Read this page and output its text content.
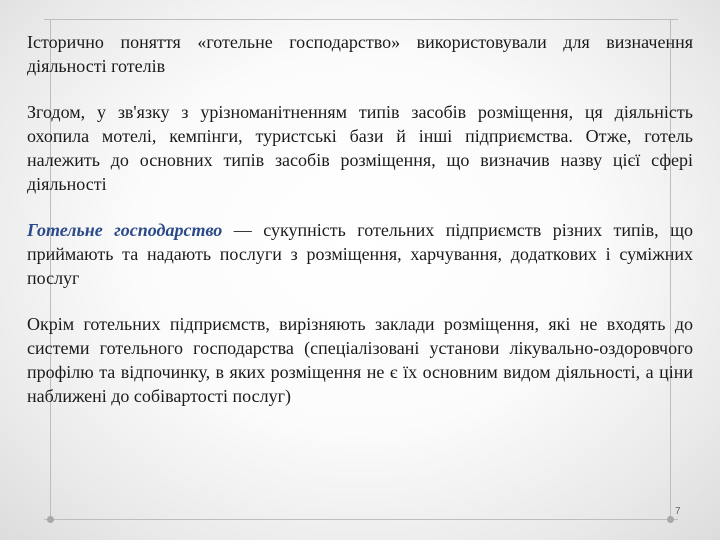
Історично поняття «готельне господарство» використовували для визначення діяльності готелів

Згодом, у зв'язку з урізноманітненням типів засобів розміщення, ця діяльність охопила мотелі, кемпінги, туристські бази й інші підприємства. Отже, готель належить до основних типів засобів розміщення, що визначив назву цієї сфері діяльності

Готельне господарство — сукупність готельних підприємств різних типів, що приймають та надають послуги з розміщення, харчування, додаткових і суміжних послуг

Окрім готельних підприємств, вирізняють заклади розміщення, які не входять до системи готельного господарства (спеціалізовані установи лікувально-оздоровчого профілю та відпочинку, в яких розміщення не є їх основним видом діяльності, а ціни наближені до собівартості послуг)

7
